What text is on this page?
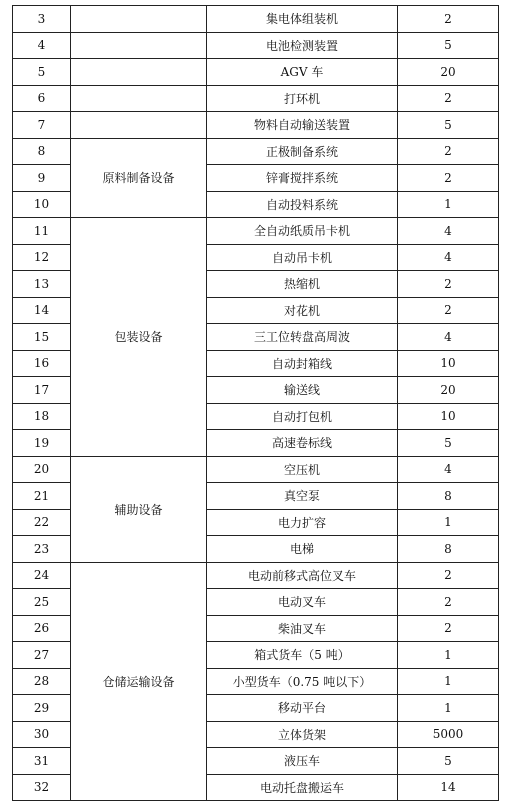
3		集电体组装机	2
4		电池检测装置	5
5		AGV 车	20
6		打环机	2
7		物料自动输送装置	5
8	原料制备设备	正极制备系统	2
9		锌膏搅拌系统	2
10		自动投料系统	1
11	包装设备	全自动纸质吊卡机	4
12		自动吊卡机	4
13		热缩机	2
14		对花机	2
15		三工位转盘高周波	4
16		自动封箱线	10
17		输送线	20
18		自动打包机	10
19		高速卷标线	5
20	辅助设备	空压机	4
21		真空泵	8
22		电力扩容	1
23		电梯	8
24	仓储运输设备	电动前移式高位叉车	2
25		电动叉车	2
26		柴油叉车	2
27		箱式货车（5 吨）	1
28		小型货车（0.75 吨以下）	1
29		移动平台	1
30		立体货架	5000
31		液压车	5
32		电动托盘搬运车	14
